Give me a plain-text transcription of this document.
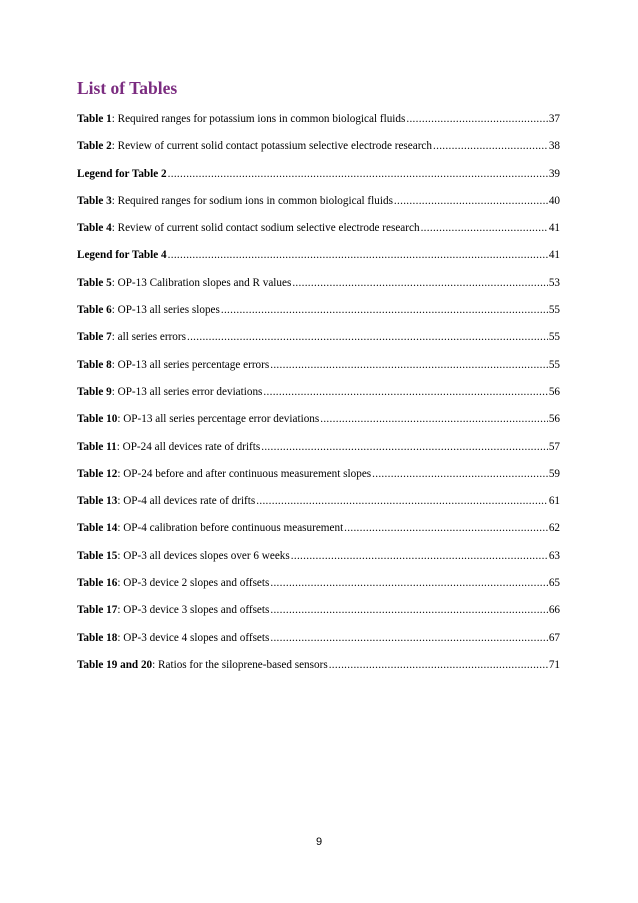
List of Tables
Table 1: Required ranges for potassium ions in common biological fluids .....	37
Table 2: Review of current solid contact potassium selective electrode research .....	38
Legend for Table 2 .....	39
Table 3: Required ranges for sodium ions in common biological fluids .....	40
Table 4: Review of current solid contact sodium selective electrode research .....	41
Legend for Table 4 .....	41
Table 5: OP-13 Calibration slopes and R values .....	53
Table 6: OP-13 all series slopes .....	55
Table 7: all series errors .....	55
Table 8: OP-13 all series percentage errors .....	55
Table 9: OP-13 all series error deviations .....	56
Table 10: OP-13 all series percentage error deviations .....	56
Table 11: OP-24 all devices rate of drifts .....	57
Table 12: OP-24 before and after continuous measurement slopes .....	59
Table 13: OP-4 all devices rate of drifts .....	61
Table 14: OP-4 calibration before continuous measurement .....	62
Table 15: OP-3 all devices slopes over 6 weeks .....	63
Table 16: OP-3 device 2 slopes and offsets .....	65
Table 17: OP-3 device 3 slopes and offsets .....	66
Table 18: OP-3 device 4 slopes and offsets .....	67
Table 19 and 20: Ratios for the siloprene-based sensors .....	71
9
